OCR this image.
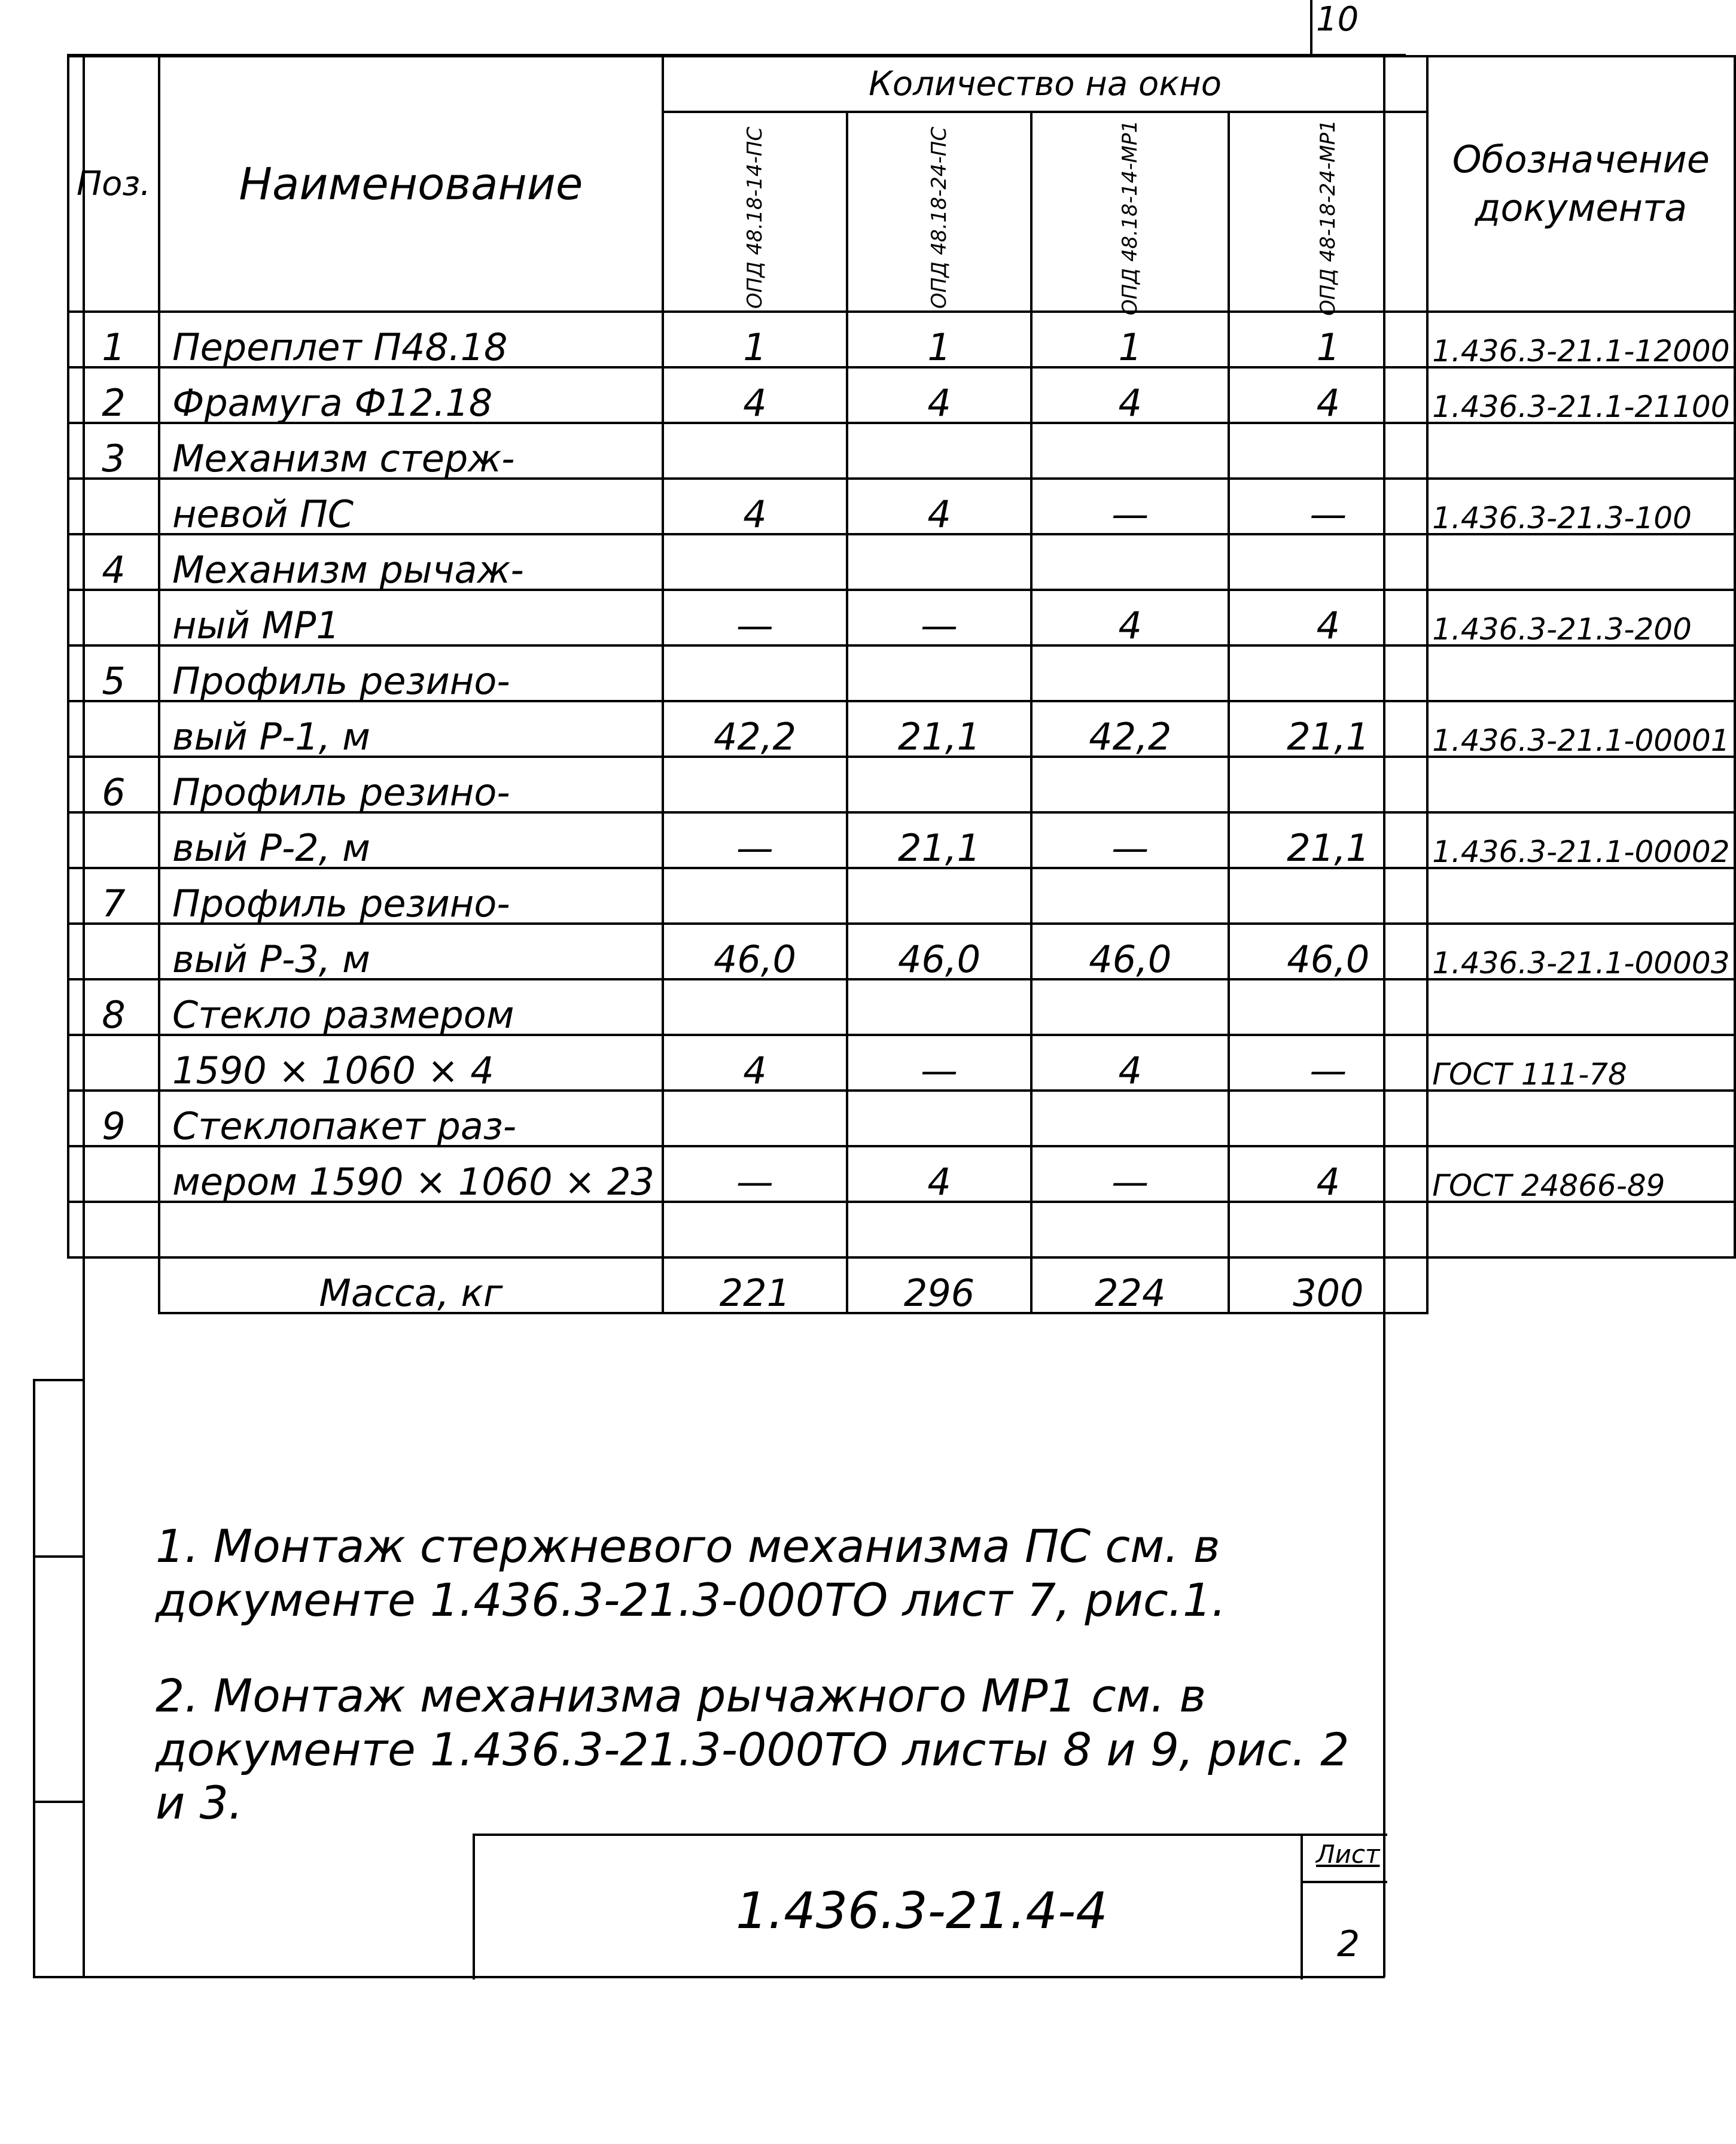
10
Поз.	Наименование	Количество на окно				Обозначение документа
		ОПД 48.18-14-ПС	ОПД 48.18-24-ПС	ОПД 48.18-14-МР1	ОПД 48-18-24-МР1	
1	Переплет П48.18	1	1	1	1	1.436.3-21.1-12000
2	Фрамуга Ф12.18	4	4	4	4	1.436.3-21.1-21100
3	Механизм стерж-					
	невой ПС	4	4	—	—	1.436.3-21.3-100
4	Механизм рычаж-					
	ный МР1	—	—	4	4	1.436.3-21.3-200
5	Профиль резино-					
	вый Р-1, м	42,2	21,1	42,2	21,1	1.436.3-21.1-00001
6	Профиль резино-					
	вый Р-2, м	—	21,1	—	21,1	1.436.3-21.1-00002
7	Профиль резино-					
	вый Р-3, м	46,0	46,0	46,0	46,0	1.436.3-21.1-00003
8	Стекло размером					
	1590 × 1060 × 4	4	—	4	—	ГОСТ 111-78
9	Стеклопакет раз-					
	мером 1590 × 1060 × 23	—	4	—	4	ГОСТ 24866-89

	Масса, кг	221	296	224	300	
1. Монтаж стержневого механизма ПС см. в документе 1.436.3-21.3-000ТО лист 7, рис.1.
2. Монтаж механизма рычажного МР1 см. в документе 1.436.3-21.3-000ТО листы 8 и 9, рис. 2 и 3.
1.436.3-21.4-4
Лист
2
